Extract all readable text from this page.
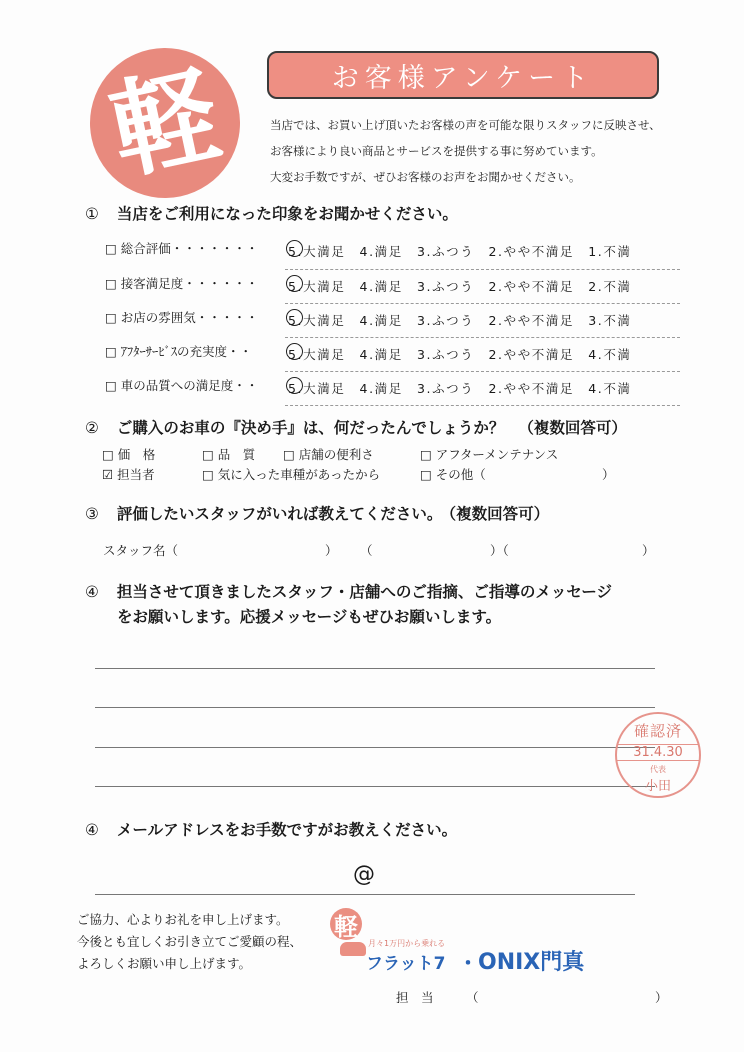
軽	お客様アンケート
当店では、お買い上げ頂いたお客様の声を可能な限りスタッフに反映させ、
お客様により良い商品とサービスを提供する事に努めています。
大変お手数ですが、ぜひお客様のお声をお聞かせください。
① 当店をご利用になった印象をお聞かせください。
□ 総合評価・・・・・・・ 5.大満足　4.満足　3.ふつう　2.やや不満足　1.不満
□ 接客満足度・・・・・・ 5.大満足　4.満足　3.ふつう　2.やや不満足　2.不満
□ お店の雰囲気・・・・・ 5.大満足　4.満足　3.ふつう　2.やや不満足　3.不満
□ ｱﾌﾀｰｻｰﾋﾞｽの充実度・・	5.大満足　4.満足　3.ふつう　2.やや不満足　4.不満
□ 車の品質への満足度・・ 5.大満足　4.満足　3.ふつう　2.やや不満足　4.不満
② ご購入のお車の『決め手』は、何だったんでしょうか？ （複数回答可）
□ 価　格	□ 品　質 □ 店舗の便利さ	□ アフターメンテナンス
☑ 担当者	□ 気に入った車種があったから	□ その他（	）
③ 評価したいスタッフがいれば教えてください。 （複数回答可）
スタッフ名（	） （	）（	）
④ 担当させて頂きましたスタッフ・店舗へのご指摘、ご指導のメッセージ
をお願いします。応援メッセージもぜひお願いします。
確認済
31.4.30
代表
小田
④ メールアドレスをお手数ですがお教えください。
@
ご協力、心よりお礼を申し上げます。
今後とも宜しくお引き立てご愛顧の程、
よろしくお願い申し上げます。
軽
月々1万円から乗れる
フラット7 ・ ONIX門真
担　当	（	）
